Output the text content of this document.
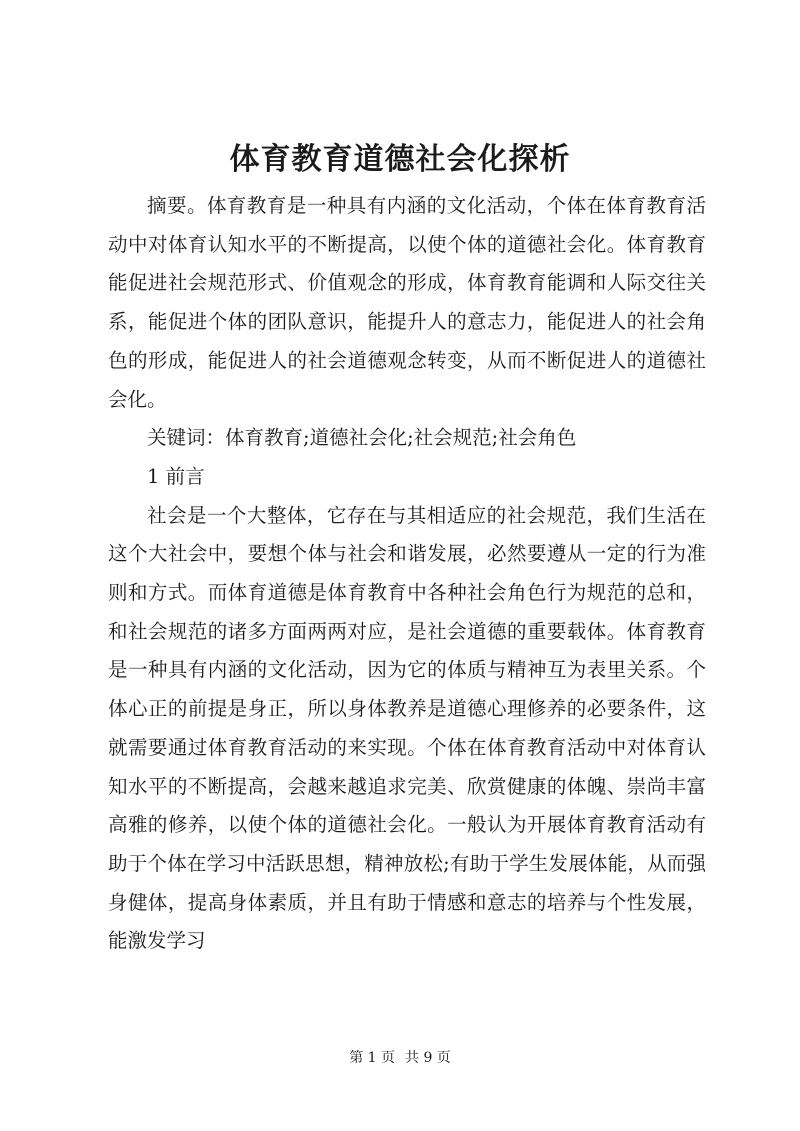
体育教育道德社会化探析

摘要。体育教育是一种具有内涵的文化活动，个体在体育教育活动中对体育认知水平的不断提高，以使个体的道德社会化。体育教育能促进社会规范形式、价值观念的形成，体育教育能调和人际交往关系，能促进个体的团队意识，能提升人的意志力，能促进人的社会角色的形成，能促进人的社会道德观念转变，从而不断促进人的道德社会化。

关键词：体育教育;道德社会化;社会规范;社会角色

1 前言

社会是一个大整体，它存在与其相适应的社会规范，我们生活在这个大社会中，要想个体与社会和谐发展，必然要遵从一定的行为准则和方式。而体育道德是体育教育中各种社会角色行为规范的总和，和社会规范的诸多方面两两对应，是社会道德的重要载体。体育教育是一种具有内涵的文化活动，因为它的体质与精神互为表里关系。个体心正的前提是身正，所以身体教养是道德心理修养的必要条件，这就需要通过体育教育活动的来实现。个体在体育教育活动中对体育认知水平的不断提高，会越来越追求完美、欣赏健康的体魄、崇尚丰富高雅的修养，以使个体的道德社会化。一般认为开展体育教育活动有助于个体在学习中活跃思想，精神放松;有助于学生发展体能，从而强身健体，提高身体素质，并且有助于情感和意志的培养与个性发展，能激发学习

第 1 页 共 9 页
